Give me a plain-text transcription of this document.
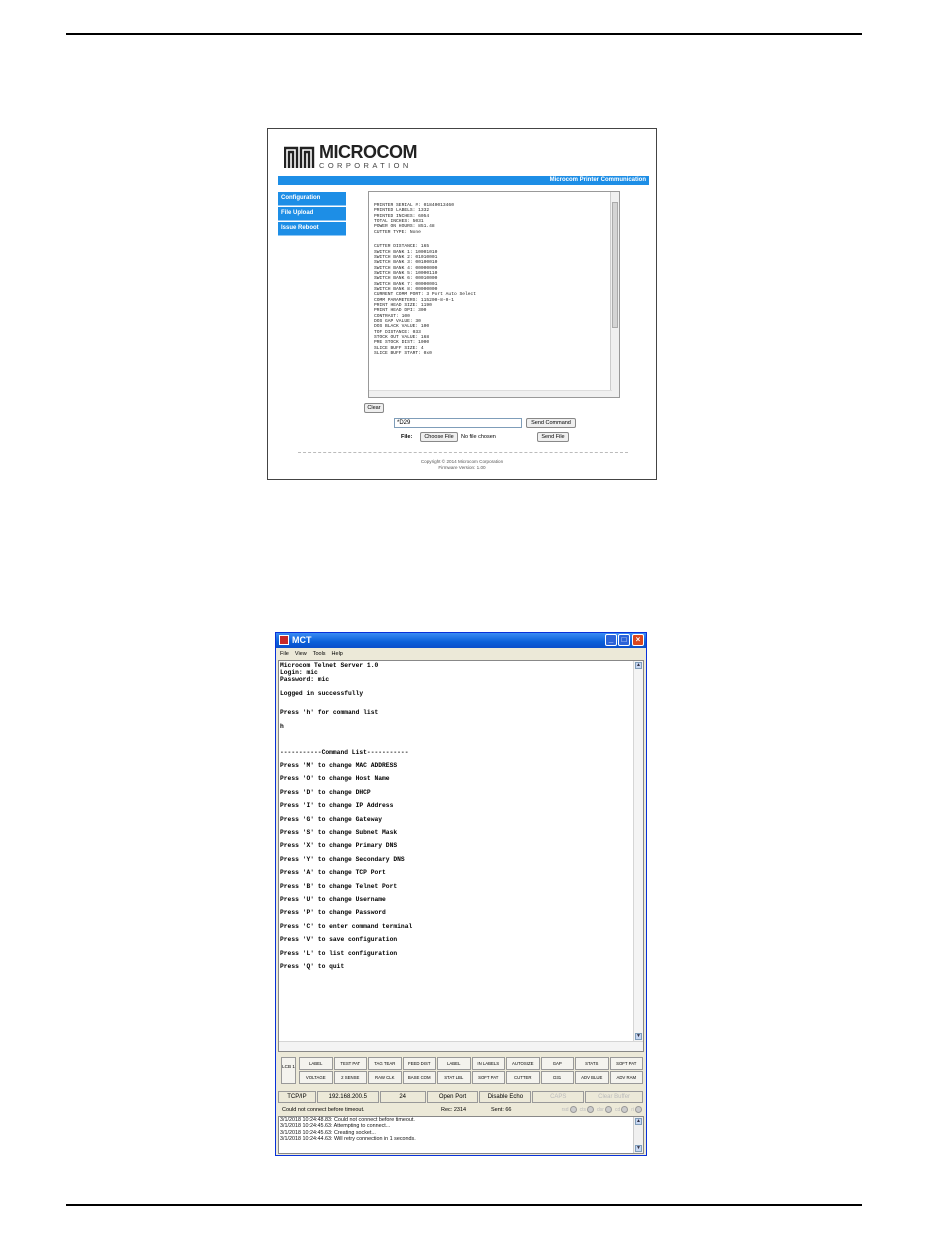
MICROCOM
CORPORATION
Microcom Printer Communication
Configuration
File Upload
Issue Reboot
PRINTER SERIAL #: 01840013460
PRINTED LABELS: 1332
PRINTED INCHES: 6054
TOTAL INCHES: 5031
POWER ON HOURS: 851.48
CUTTER TYPE: None
CUTTER DISTANCE: 165
SWITCH BANK 1: 10001010
SWITCH BANK 2: 01010001
SWITCH BANK 3: 00100010
SWITCH BANK 4: 00000000
SWITCH BANK 5: 10000110
SWITCH BANK 6: 00010000
SWITCH BANK 7: 00000001
SWITCH BANK 8: 00000000
CURRENT COMM PORT: 3 Port Auto Select
COMM PARAMETERS: 115200-8-0-1
PRINT HEAD SIZE: 1190
PRINT HEAD DPI: 300
CONTRAST: 100
DOS GAP VALUE: 30
DOS BLACK VALUE: 100
TOF DISTANCE: 033
STOCK OUT VALUE: 168
PRE STOCK DIST: 1000
SLICE BUFF SIZE: 4
SLICE BUFF START: 0x0
Clear
*D29	Send Command
File:	Choose File	No file chosen	Send File
Copyright © 2014 Microcom Corporation
Firmware Version: 1.00
MCT	_	□	×
File View Tools Help
Microcom Telnet Server 1.0
Login: mic
Password: mic
Logged in successfully
Press 'h' for command list
h
-----------Command List-----------
Press 'M' to change MAC ADDRESS
Press 'O' to change Host Name
Press 'D' to change DHCP
Press 'I' to change IP Address
Press 'G' to change Gateway
Press 'S' to change Subnet Mask
Press 'X' to change Primary DNS
Press 'Y' to change Secondary DNS
Press 'A' to change TCP Port
Press 'B' to change Telnet Port
Press 'U' to change Username
Press 'P' to change Password
Press 'C' to enter command terminal
Press 'V' to save configuration
Press 'L' to list configuration
Press 'Q' to quit
▲
▼
LCB 1
LABEL	TEST PAT	TAG TEAR	FEED DIST	LABEL	IN LABELS	AUTOSIZE	GAP	STATS	SOFT PAT
VOLTAGE	2 SENSE	RAW CLK	BASE COM	STAT LBL	SOFT PAT	CUTTER	D31	ADV BLUE	ADV RAM
TCP/IP	192.168.200.5	24	Open Port	Disable Echo	CAPS	Clear Buffer
Could not connect before timeout.	Rec: 2314	Sent: 66	rsd	cts	dsr	cd	ri
3/1/2018 10:24:48.83: Could not connect before timeout.
3/1/2018 10:24:45.63: Attempting to connect...
3/1/2018 10:24:45.63: Creating socket...
3/1/2018 10:24:44.63: Will retry connection in 1 seconds.
▲
▼
